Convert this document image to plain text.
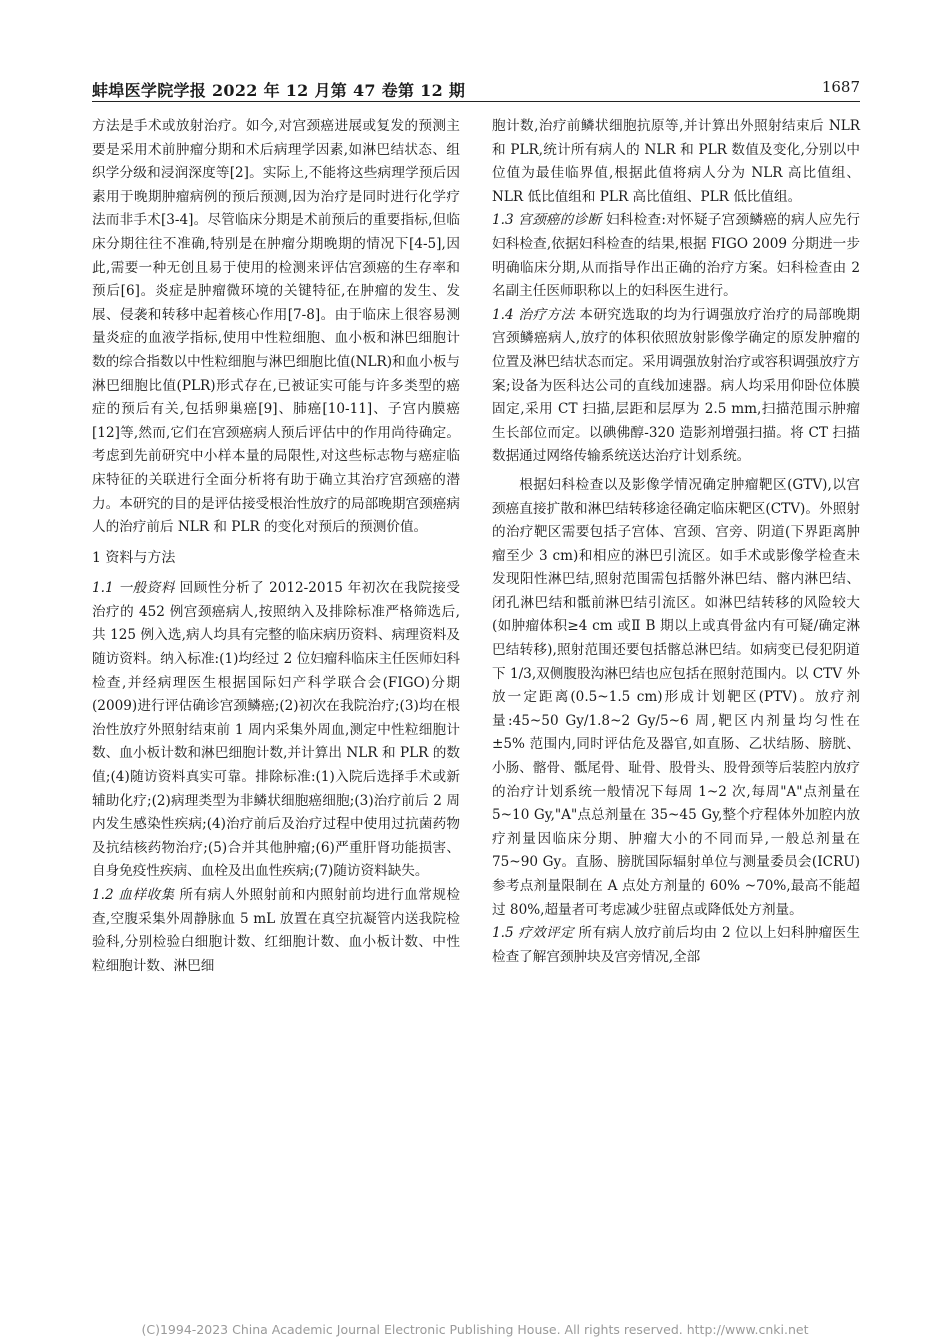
蚌埠医学院学报 2022 年 12 月第 47 卷第 12 期	1687

方法是手术或放射治疗。如今,对宫颈癌进展或复发的预测主要是采用术前肿瘤分期和术后病理学因素,如淋巴结状态、组织学分级和浸润深度等[2]。实际上,不能将这些病理学预后因素用于晚期肿瘤病例的预后预测,因为治疗是同时进行化学疗法而非手术[3-4]。尽管临床分期是术前预后的重要指标,但临床分期往往不准确,特别是在肿瘤分期晚期的情况下[4-5],因此,需要一种无创且易于使用的检测来评估宫颈癌的生存率和预后[6]。炎症是肿瘤微环境的关键特征,在肿瘤的发生、发展、侵袭和转移中起着核心作用[7-8]。由于临床上很容易测量炎症的血液学指标,使用中性粒细胞、血小板和淋巴细胞计数的综合指数以中性粒细胞与淋巴细胞比值(NLR)和血小板与淋巴细胞比值(PLR)形式存在,已被证实可能与许多类型的癌症的预后有关,包括卵巢癌[9]、肺癌[10-11]、子宫内膜癌[12]等,然而,它们在宫颈癌病人预后评估中的作用尚待确定。考虑到先前研究中小样本量的局限性,对这些标志物与癌症临床特征的关联进行全面分析将有助于确立其治疗宫颈癌的潜力。本研究的目的是评估接受根治性放疗的局部晚期宫颈癌病人的治疗前后 NLR 和 PLR 的变化对预后的预测价值。

1 资料与方法

1.1 一般资料 回顾性分析了 2012-2015 年初次在我院接受治疗的 452 例宫颈癌病人,按照纳入及排除标准严格筛选后,共 125 例入选,病人均具有完整的临床病历资料、病理资料及随访资料。纳入标准:(1)均经过 2 位妇瘤科临床主任医师妇科检查,并经病理医生根据国际妇产科学联合会(FIGO)分期(2009)进行评估确诊宫颈鳞癌;(2)初次在我院治疗;(3)均在根治性放疗外照射结束前 1 周内采集外周血,测定中性粒细胞计数、血小板计数和淋巴细胞计数,并计算出 NLR 和 PLR 的数值;(4)随访资料真实可靠。排除标准:(1)入院后选择手术或新辅助化疗;(2)病理类型为非鳞状细胞癌细胞;(3)治疗前后 2 周内发生感染性疾病;(4)治疗前后及治疗过程中使用过抗菌药物及抗结核药物治疗;(5)合并其他肿瘤;(6)严重肝肾功能损害、自身免疫性疾病、血栓及出血性疾病;(7)随访资料缺失。

1.2 血样收集 所有病人外照射前和内照射前均进行血常规检查,空腹采集外周静脉血 5 mL 放置在真空抗凝管内送我院检验科,分别检验白细胞计数、红细胞计数、血小板计数、中性粒细胞计数、淋巴细

胞计数,治疗前鳞状细胞抗原等,并计算出外照射结束后 NLR 和 PLR,统计所有病人的 NLR 和 PLR 数值及变化,分别以中位值为最佳临界值,根据此值将病人分为 NLR 高比值组、NLR 低比值组和 PLR 高比值组、PLR 低比值组。

1.3 宫颈癌的诊断 妇科检查:对怀疑子宫颈鳞癌的病人应先行妇科检查,依据妇科检查的结果,根据 FIGO 2009 分期进一步明确临床分期,从而指导作出正确的治疗方案。妇科检查由 2 名副主任医师职称以上的妇科医生进行。

1.4 治疗方法 本研究选取的均为行调强放疗治疗的局部晚期宫颈鳞癌病人,放疗的体积依照放射影像学确定的原发肿瘤的位置及淋巴结状态而定。采用调强放射治疗或容积调强放疗方案;设备为医科达公司的直线加速器。病人均采用仰卧位体膜固定,采用 CT 扫描,层距和层厚为 2.5 mm,扫描范围示肿瘤生长部位而定。以碘佛醇-320 造影剂增强扫描。将 CT 扫描数据通过网络传输系统送达治疗计划系统。

根据妇科检查以及影像学情况确定肿瘤靶区(GTV),以宫颈癌直接扩散和淋巴结转移途径确定临床靶区(CTV)。外照射的治疗靶区需要包括子宫体、宫颈、宫旁、阴道(下界距离肿瘤至少 3 cm)和相应的淋巴引流区。如手术或影像学检查未发现阳性淋巴结,照射范围需包括髂外淋巴结、髂内淋巴结、闭孔淋巴结和骶前淋巴结引流区。如淋巴结转移的风险较大(如肿瘤体积≥4 cm 或Ⅱ B 期以上或真骨盆内有可疑/确定淋巴结转移),照射范围还要包括髂总淋巴结。如病变已侵犯阴道下 1/3,双侧腹股沟淋巴结也应包括在照射范围内。以 CTV 外放一定距离(0.5~1.5 cm)形成计划靶区(PTV)。放疗剂量:45~50 Gy/1.8~2 Gy/5~6 周,靶区内剂量均匀性在 ±5% 范围内,同时评估危及器官,如直肠、乙状结肠、膀胱、小肠、髂骨、骶尾骨、耻骨、股骨头、股骨颈等后装腔内放疗的治疗计划系统一般情况下每周 1~2 次,每周"A"点剂量在 5~10 Gy,"A"点总剂量在 35~45 Gy,整个疗程体外加腔内放疗剂量因临床分期、肿瘤大小的不同而异,一般总剂量在 75~90 Gy。直肠、膀胱国际辐射单位与测量委员会(ICRU)参考点剂量限制在 A 点处方剂量的 60% ~70%,最高不能超过 80%,超量者可考虑减少驻留点或降低处方剂量。

1.5 疗效评定 所有病人放疗前后均由 2 位以上妇科肿瘤医生检查了解宫颈肿块及宫旁情况,全部

(C)1994-2023 China Academic Journal Electronic Publishing House. All rights reserved. http://www.cnki.net
